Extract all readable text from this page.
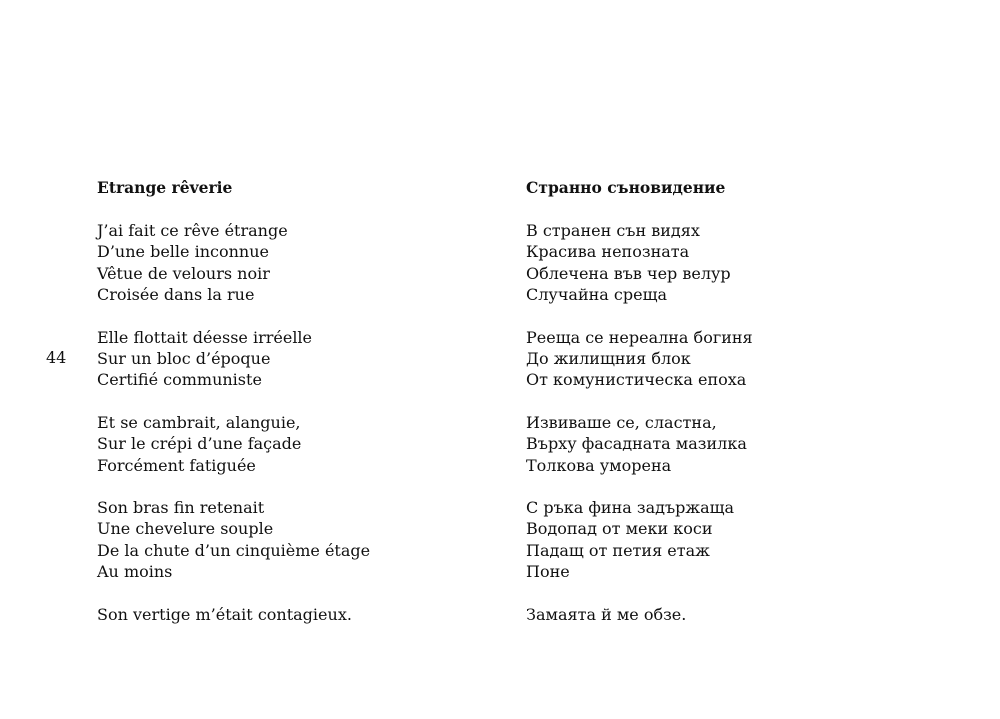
44
Etrange rêverie
J’ai fait ce rêve étrange
D’une belle inconnue
Vêtue de velours noir
Croisée dans la rue
Elle flottait déesse irréelle
Sur un bloc d’époque
Certifié communiste
Et se cambrait, alanguie,
Sur le crépi d’une façade
Forcément fatiguée
Son bras fin retenait
Une chevelure souple
De la chute d’un cinquième étage
Au moins
Son vertige m’était contagieux.
Странно съновидение
В странен сън видях
Красива непозната
Облечена във чер велур
Случайна среща
Рееща се нереална богиня
До жилищния блок
От комунистическа епоха
Извиваше се, сластна,
Върху фасадната мазилка
Толкова уморена
С ръка фина задържаща
Водопад от меки коси
Падащ от петия етаж
Поне
Замаята й ме обзе.
